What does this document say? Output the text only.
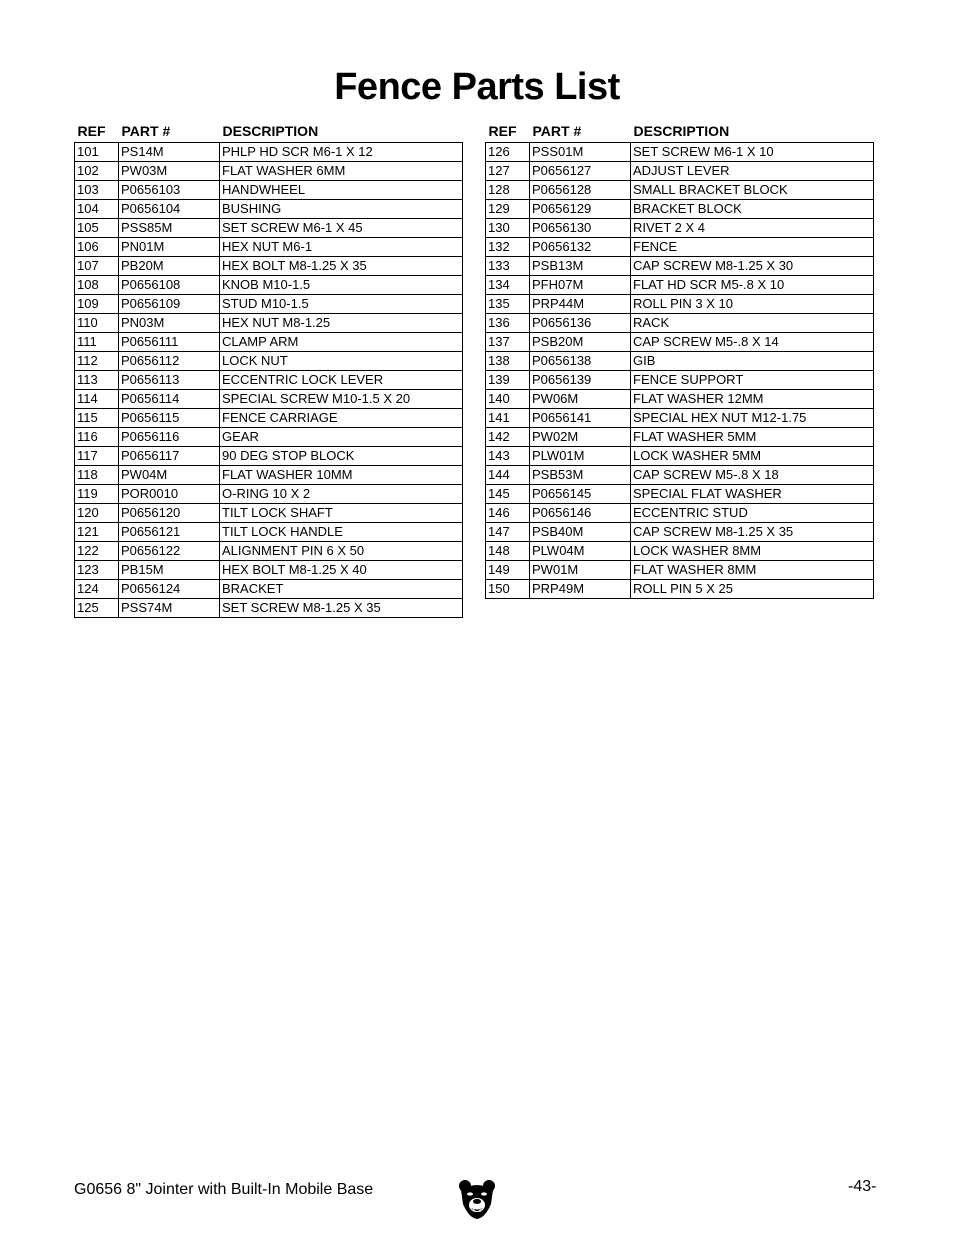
Fence Parts List
REF	PART #	DESCRIPTION
101	PS14M	PHLP HD SCR M6-1 X 12
102	PW03M	FLAT WASHER 6MM
103	P0656103	HANDWHEEL
104	P0656104	BUSHING
105	PSS85M	SET SCREW M6-1 X 45
106	PN01M	HEX NUT M6-1
107	PB20M	HEX BOLT M8-1.25 X 35
108	P0656108	KNOB M10-1.5
109	P0656109	STUD M10-1.5
110	PN03M	HEX NUT M8-1.25
111	P0656111	CLAMP ARM
112	P0656112	LOCK NUT
113	P0656113	ECCENTRIC LOCK LEVER
114	P0656114	SPECIAL SCREW M10-1.5 X 20
115	P0656115	FENCE CARRIAGE
116	P0656116	GEAR
117	P0656117	90 DEG STOP BLOCK
118	PW04M	FLAT WASHER 10MM
119	POR0010	O-RING 10 X 2
120	P0656120	TILT LOCK SHAFT
121	P0656121	TILT LOCK HANDLE
122	P0656122	ALIGNMENT PIN 6 X 50
123	PB15M	HEX BOLT M8-1.25 X 40
124	P0656124	BRACKET
125	PSS74M	SET SCREW M8-1.25 X 35
REF	PART #	DESCRIPTION
126	PSS01M	SET SCREW M6-1 X 10
127	P0656127	ADJUST LEVER
128	P0656128	SMALL BRACKET BLOCK
129	P0656129	BRACKET BLOCK
130	P0656130	RIVET 2 X 4
132	P0656132	FENCE
133	PSB13M	CAP SCREW M8-1.25 X 30
134	PFH07M	FLAT HD SCR M5-.8 X 10
135	PRP44M	ROLL PIN 3 X 10
136	P0656136	RACK
137	PSB20M	CAP SCREW M5-.8 X 14
138	P0656138	GIB
139	P0656139	FENCE SUPPORT
140	PW06M	FLAT WASHER 12MM
141	P0656141	SPECIAL HEX NUT M12-1.75
142	PW02M	FLAT WASHER 5MM
143	PLW01M	LOCK WASHER 5MM
144	PSB53M	CAP SCREW M5-.8 X 18
145	P0656145	SPECIAL FLAT WASHER
146	P0656146	ECCENTRIC STUD
147	PSB40M	CAP SCREW M8-1.25 X 35
148	PLW04M	LOCK WASHER 8MM
149	PW01M	FLAT WASHER 8MM
150	PRP49M	ROLL PIN 5 X 25
G0656 8" Jointer with Built-In Mobile Base	-43-
